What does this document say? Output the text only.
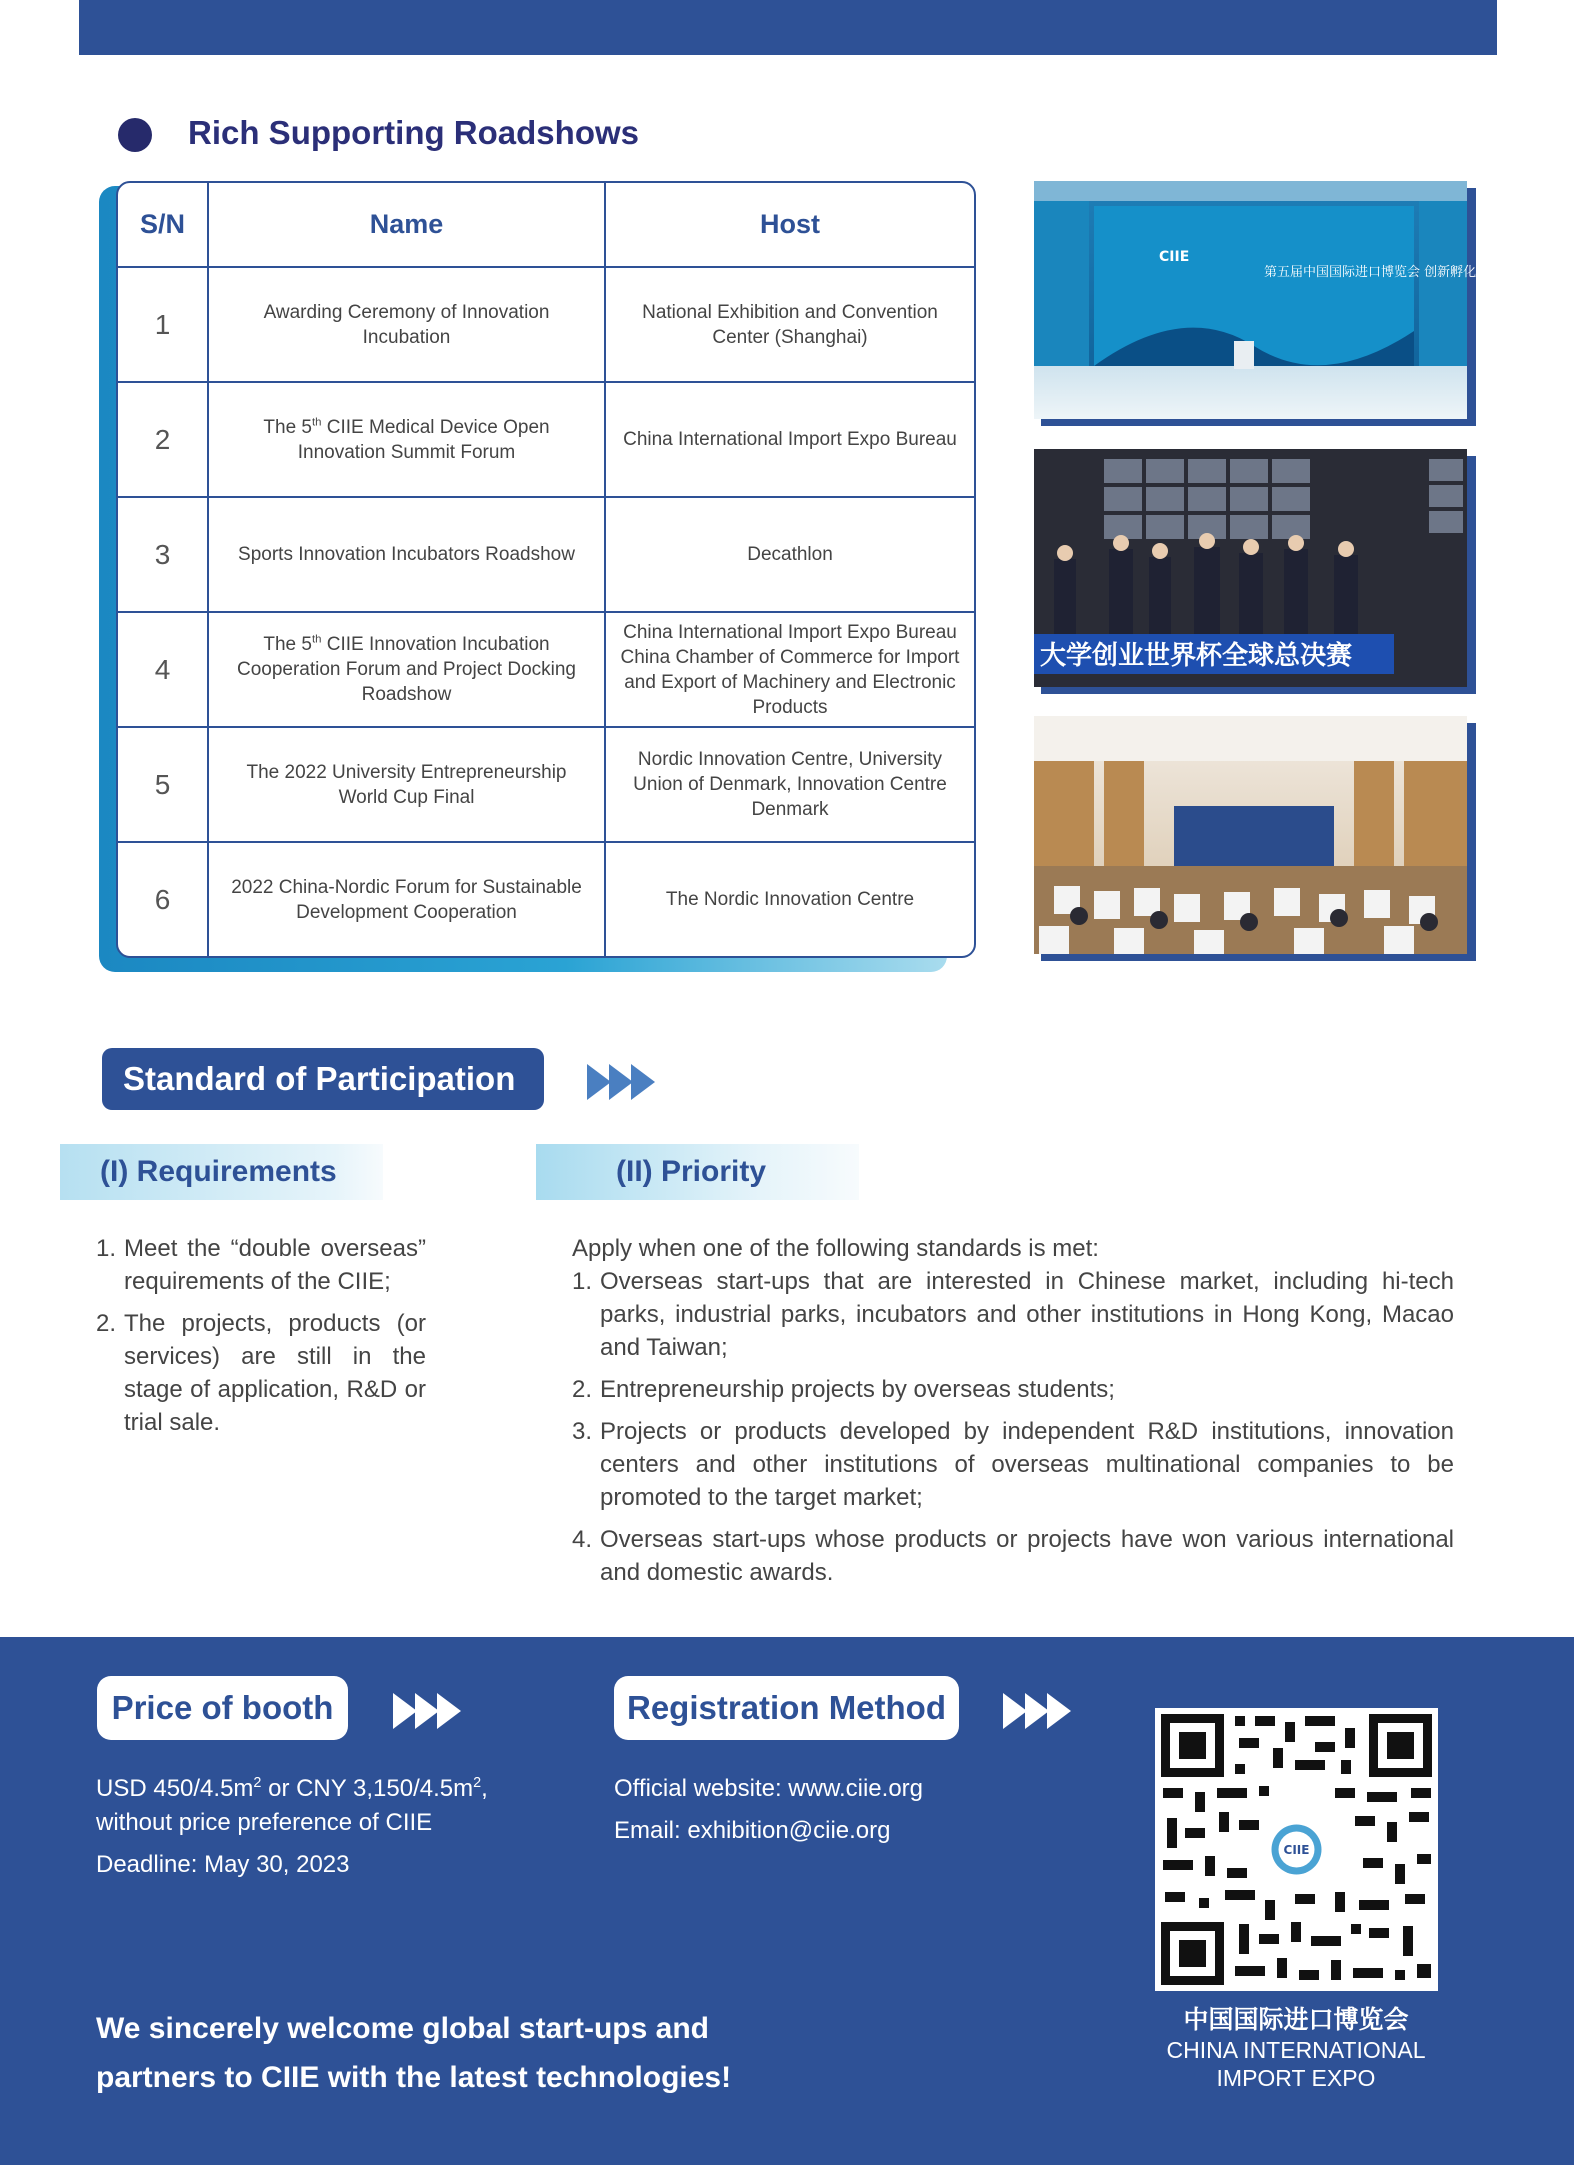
Rich Supporting Roadshows
S/N	Name	Host
1	Awarding Ceremony of Innovation Incubation	National Exhibition and Convention Center (Shanghai)
2	The 5th CIIE Medical Device Open Innovation Summit Forum	China International Import Expo Bureau
3	Sports Innovation Incubators Roadshow	Decathlon
4	The 5th CIIE Innovation Incubation Cooperation Forum and Project Docking Roadshow	China International Import Expo Bureau
China Chamber of Commerce for Import and Export of Machinery and Electronic Products

5	The 2022 University Entrepreneurship World Cup Final	Nordic Innovation Centre, University Union of Denmark, Innovation Centre Denmark
6	2022 China-Nordic Forum for Sustainable Development Cooperation	The Nordic Innovation Centre
第五届中国国际进口博览会 创新孵化专区颁奖仪式
CIIE
大学创业世界杯全球总决赛
Standard of Participation
(I) Requirements	(II) Priority
1. Meet the “double overseas” requirements of the CIIE;
2. The projects, products (or services) are still in the stage of application, R&D or trial sale.
Apply when one of the following standards is met:
1. Overseas start-ups that are interested in Chinese market, including hi-tech parks, industrial parks, incubators and other institutions in Hong Kong, Macao and Taiwan;
2. Entrepreneurship projects by overseas students;
3. Projects or products developed by independent R&D institutions, innovation centers and other institutions of overseas multinational companies to be promoted to the target market;
4. Overseas start-ups whose products or projects have won various international and domestic awards.
Price of booth	Registration Method
USD $450/4.5m^2$ or CNY $3,150/4.5m^2$,
without price preference of CIIE
Deadline: May 30, 2023
Official website: www.ciie.org
Email: exhibition@ciie.org
We sincerely welcome global start-ups and
partners to CIIE with the latest technologies!
CIIE
中国国际进口博览会
CHINA INTERNATIONAL
IMPORT EXPO
